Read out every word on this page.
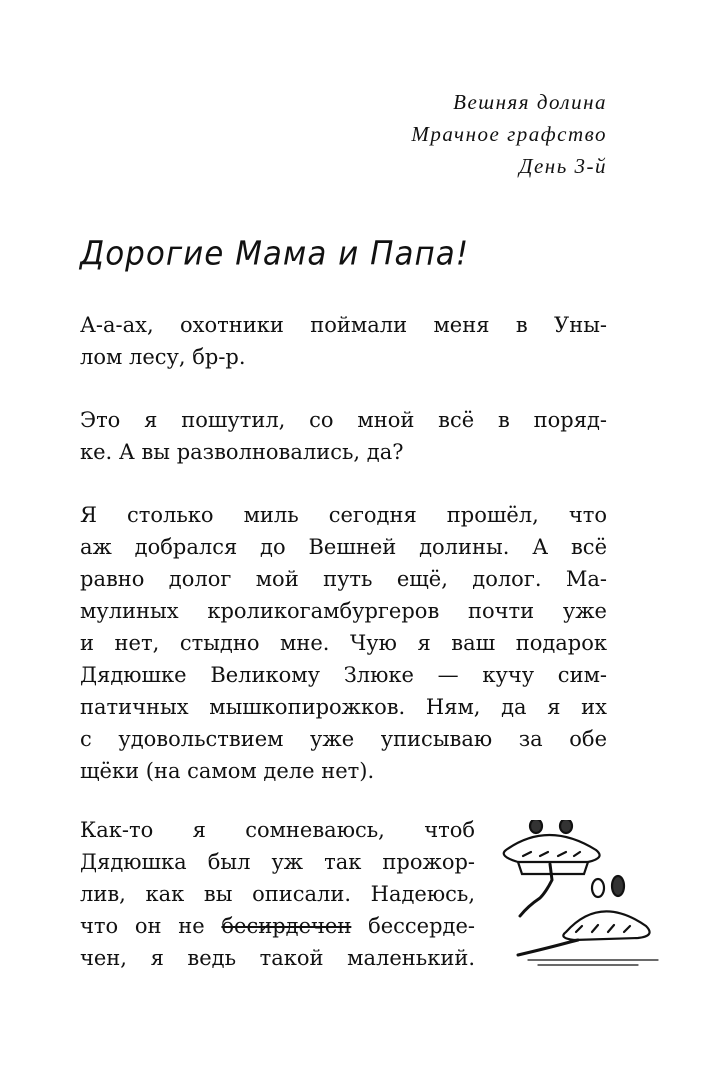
Вешняя долина
Мрачное графство
День 3-й
Дорогие Мама и Папа!
А-а-ах, охотники поймали меня в Уны-
лом лесу, бр-р.
Это я пошутил, со мной всё в поряд-
ке. А вы разволновались, да?
Я столько миль сегодня прошёл, что
аж добрался до Вешней долины. А всё
равно долог мой путь ещё, долог. Ма-
мулиных кроликогамбургеров почти уже
и нет, стыдно мне. Чую я ваш подарок
Дядюшке Великому Злюке — кучу сим-
патичных мышкопирожков. Ням, да я их
с удовольствием уже уписываю за обе
щёки (на самом деле нет).
Как-то я сомневаюсь, чтоб
Дядюшка был уж так прожор-
лив, как вы описали. Надеюсь,
что он не бесирдечен бессерде-
чен, я ведь такой маленький.
